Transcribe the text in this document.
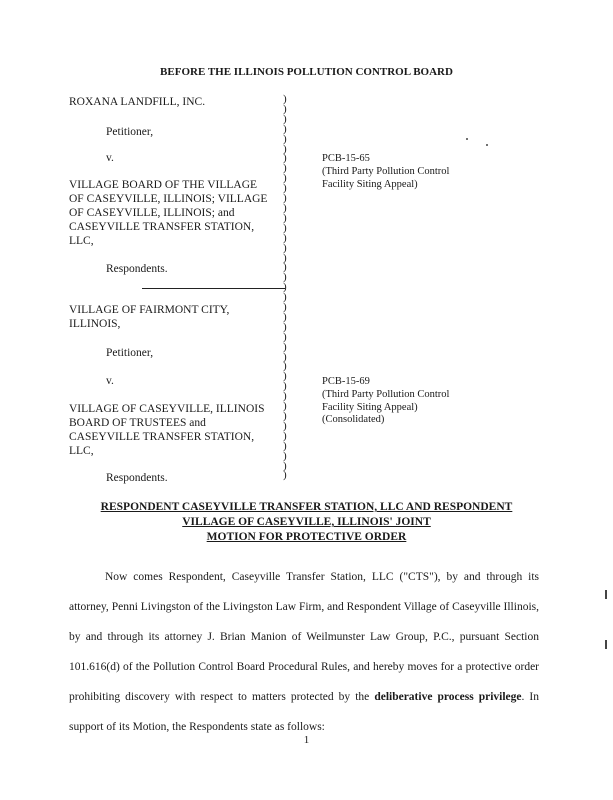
BEFORE THE ILLINOIS POLLUTION CONTROL BOARD
ROXANA LANDFILL, INC.
Petitioner,
v.
VILLAGE BOARD OF THE VILLAGE
OF CASEYVILLE, ILLINOIS; VILLAGE
OF CASEYVILLE, ILLINOIS; and
CASEYVILLE TRANSFER STATION,
LLC,
Respondents.
PCB-15-65
(Third Party Pollution Control
Facility Siting Appeal)
VILLAGE OF FAIRMONT CITY,
ILLINOIS,
Petitioner,
v.
VILLAGE OF CASEYVILLE, ILLINOIS
BOARD OF TRUSTEES and
CASEYVILLE TRANSFER STATION,
LLC,
Respondents.
PCB-15-69
(Third Party Pollution Control
Facility Siting Appeal)
(Consolidated)
)
)
)
)
)
)
)
)
)
)
)
)
)
)
)
)
)
)
)
)
)
)
)
)
)
)
)
)
)
)
)
)
)
)
)
)
)
)
)
RESPONDENT CASEYVILLE TRANSFER STATION, LLC AND RESPONDENT
VILLAGE OF CASEYVILLE, ILLINOIS' JOINT
MOTION FOR PROTECTIVE ORDER

Now comes Respondent, Caseyville Transfer Station, LLC ("CTS"), by and through its attorney, Penni Livingston of the Livingston Law Firm, and Respondent Village of Caseyville Illinois, by and through its attorney J. Brian Manion of Weilmunster Law Group, P.C., pursuant Section 101.616(d) of the Pollution Control Board Procedural Rules, and hereby moves for a protective order prohibiting discovery with respect to matters protected by the deliberative process privilege. In support of its Motion, the Respondents state as follows:

1
